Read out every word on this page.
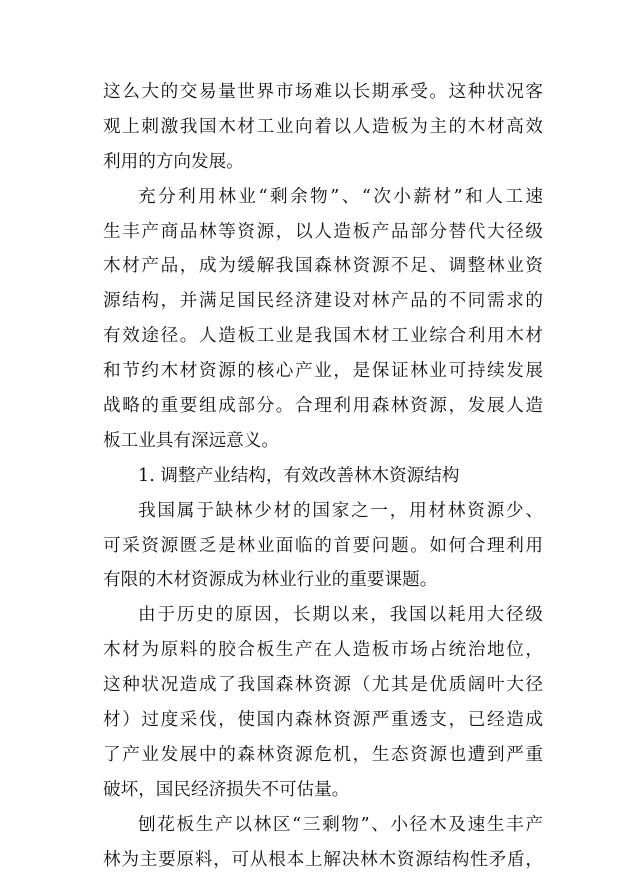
这么大的交易量世界市场难以长期承受。这种状况客
观上刺激我国木材工业向着以人造板为主的木材高效
利用的方向发展。
充分利用林业“剩余物”、“次小薪材”和人工速
生丰产商品林等资源，以人造板产品部分替代大径级
木材产品，成为缓解我国森林资源不足、调整林业资
源结构，并满足国民经济建设对林产品的不同需求的
有效途径。人造板工业是我国木材工业综合利用木材
和节约木材资源的核心产业，是保证林业可持续发展
战略的重要组成部分。合理利用森林资源，发展人造
板工业具有深远意义。
1. 调整产业结构，有效改善林木资源结构
我国属于缺林少材的国家之一，用材林资源少、
可采资源匮乏是林业面临的首要问题。如何合理利用
有限的木材资源成为林业行业的重要课题。
由于历史的原因，长期以来，我国以耗用大径级
木材为原料的胶合板生产在人造板市场占统治地位，
这种状况造成了我国森林资源（尤其是优质阔叶大径
材）过度采伐，使国内森林资源严重透支，已经造成
了产业发展中的森林资源危机，生态资源也遭到严重
破坏，国民经济损失不可估量。
刨花板生产以林区“三剩物”、小径木及速生丰产
林为主要原料，可从根本上解决林木资源结构性矛盾，
